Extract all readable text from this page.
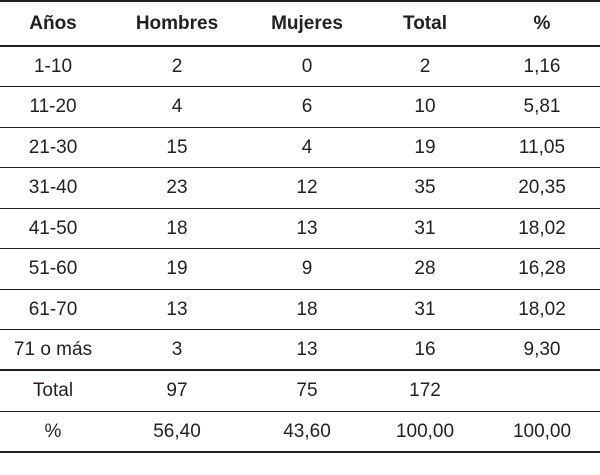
Años	Hombres	Mujeres	Total	%
1-10	2	0	2	1,16
11-20	4	6	10	5,81
21-30	15	4	19	11,05
31-40	23	12	35	20,35
41-50	18	13	31	18,02
51-60	19	9	28	16,28
61-70	13	18	31	18,02
71 o más	3	13	16	9,30
Total	97	75	172	
%	56,40	43,60	100,00	100,00
